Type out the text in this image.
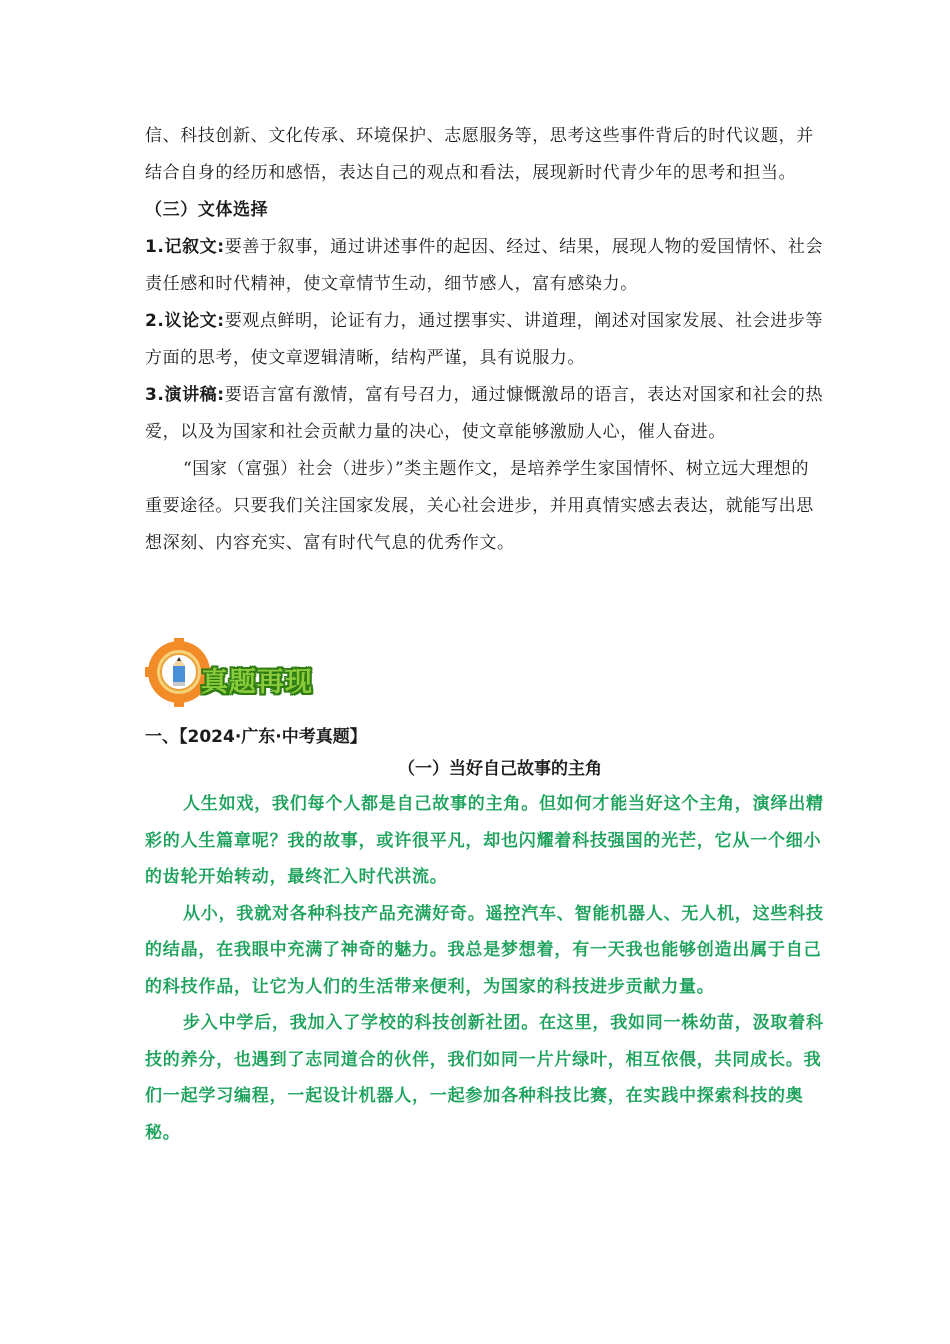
信、科技创新、文化传承、环境保护、志愿服务等，思考这些事件背后的时代议题，并结合自身的经历和感悟，表达自己的观点和看法，展现新时代青少年的思考和担当。

（三）文体选择

1.记叙文:要善于叙事，通过讲述事件的起因、经过、结果，展现人物的爱国情怀、社会责任感和时代精神，使文章情节生动，细节感人，富有感染力。

2.议论文:要观点鲜明，论证有力，通过摆事实、讲道理，阐述对国家发展、社会进步等方面的思考，使文章逻辑清晰，结构严谨，具有说服力。

3.演讲稿:要语言富有激情，富有号召力，通过慷慨激昂的语言，表达对国家和社会的热爱，以及为国家和社会贡献力量的决心，使文章能够激励人心，催人奋进。

“国家（富强）社会（进步）”类主题作文，是培养学生家国情怀、树立远大理想的重要途径。只要我们关注国家发展，关心社会进步，并用真情实感去表达，就能写出思想深刻、内容充实、富有时代气息的优秀作文。

真题再现

一、【2024·广东·中考真题】

（一）当好自己故事的主角

人生如戏，我们每个人都是自己故事的主角。但如何才能当好这个主角，演绎出精彩的人生篇章呢？我的故事，或许很平凡，却也闪耀着科技强国的光芒，它从一个细小的齿轮开始转动，最终汇入时代洪流。

从小，我就对各种科技产品充满好奇。遥控汽车、智能机器人、无人机，这些科技的结晶，在我眼中充满了神奇的魅力。我总是梦想着，有一天我也能够创造出属于自己的科技作品，让它为人们的生活带来便利，为国家的科技进步贡献力量。

步入中学后，我加入了学校的科技创新社团。在这里，我如同一株幼苗，汲取着科技的养分，也遇到了志同道合的伙伴，我们如同一片片绿叶，相互依偎，共同成长。我们一起学习编程，一起设计机器人，一起参加各种科技比赛，在实践中探索科技的奥秘。
